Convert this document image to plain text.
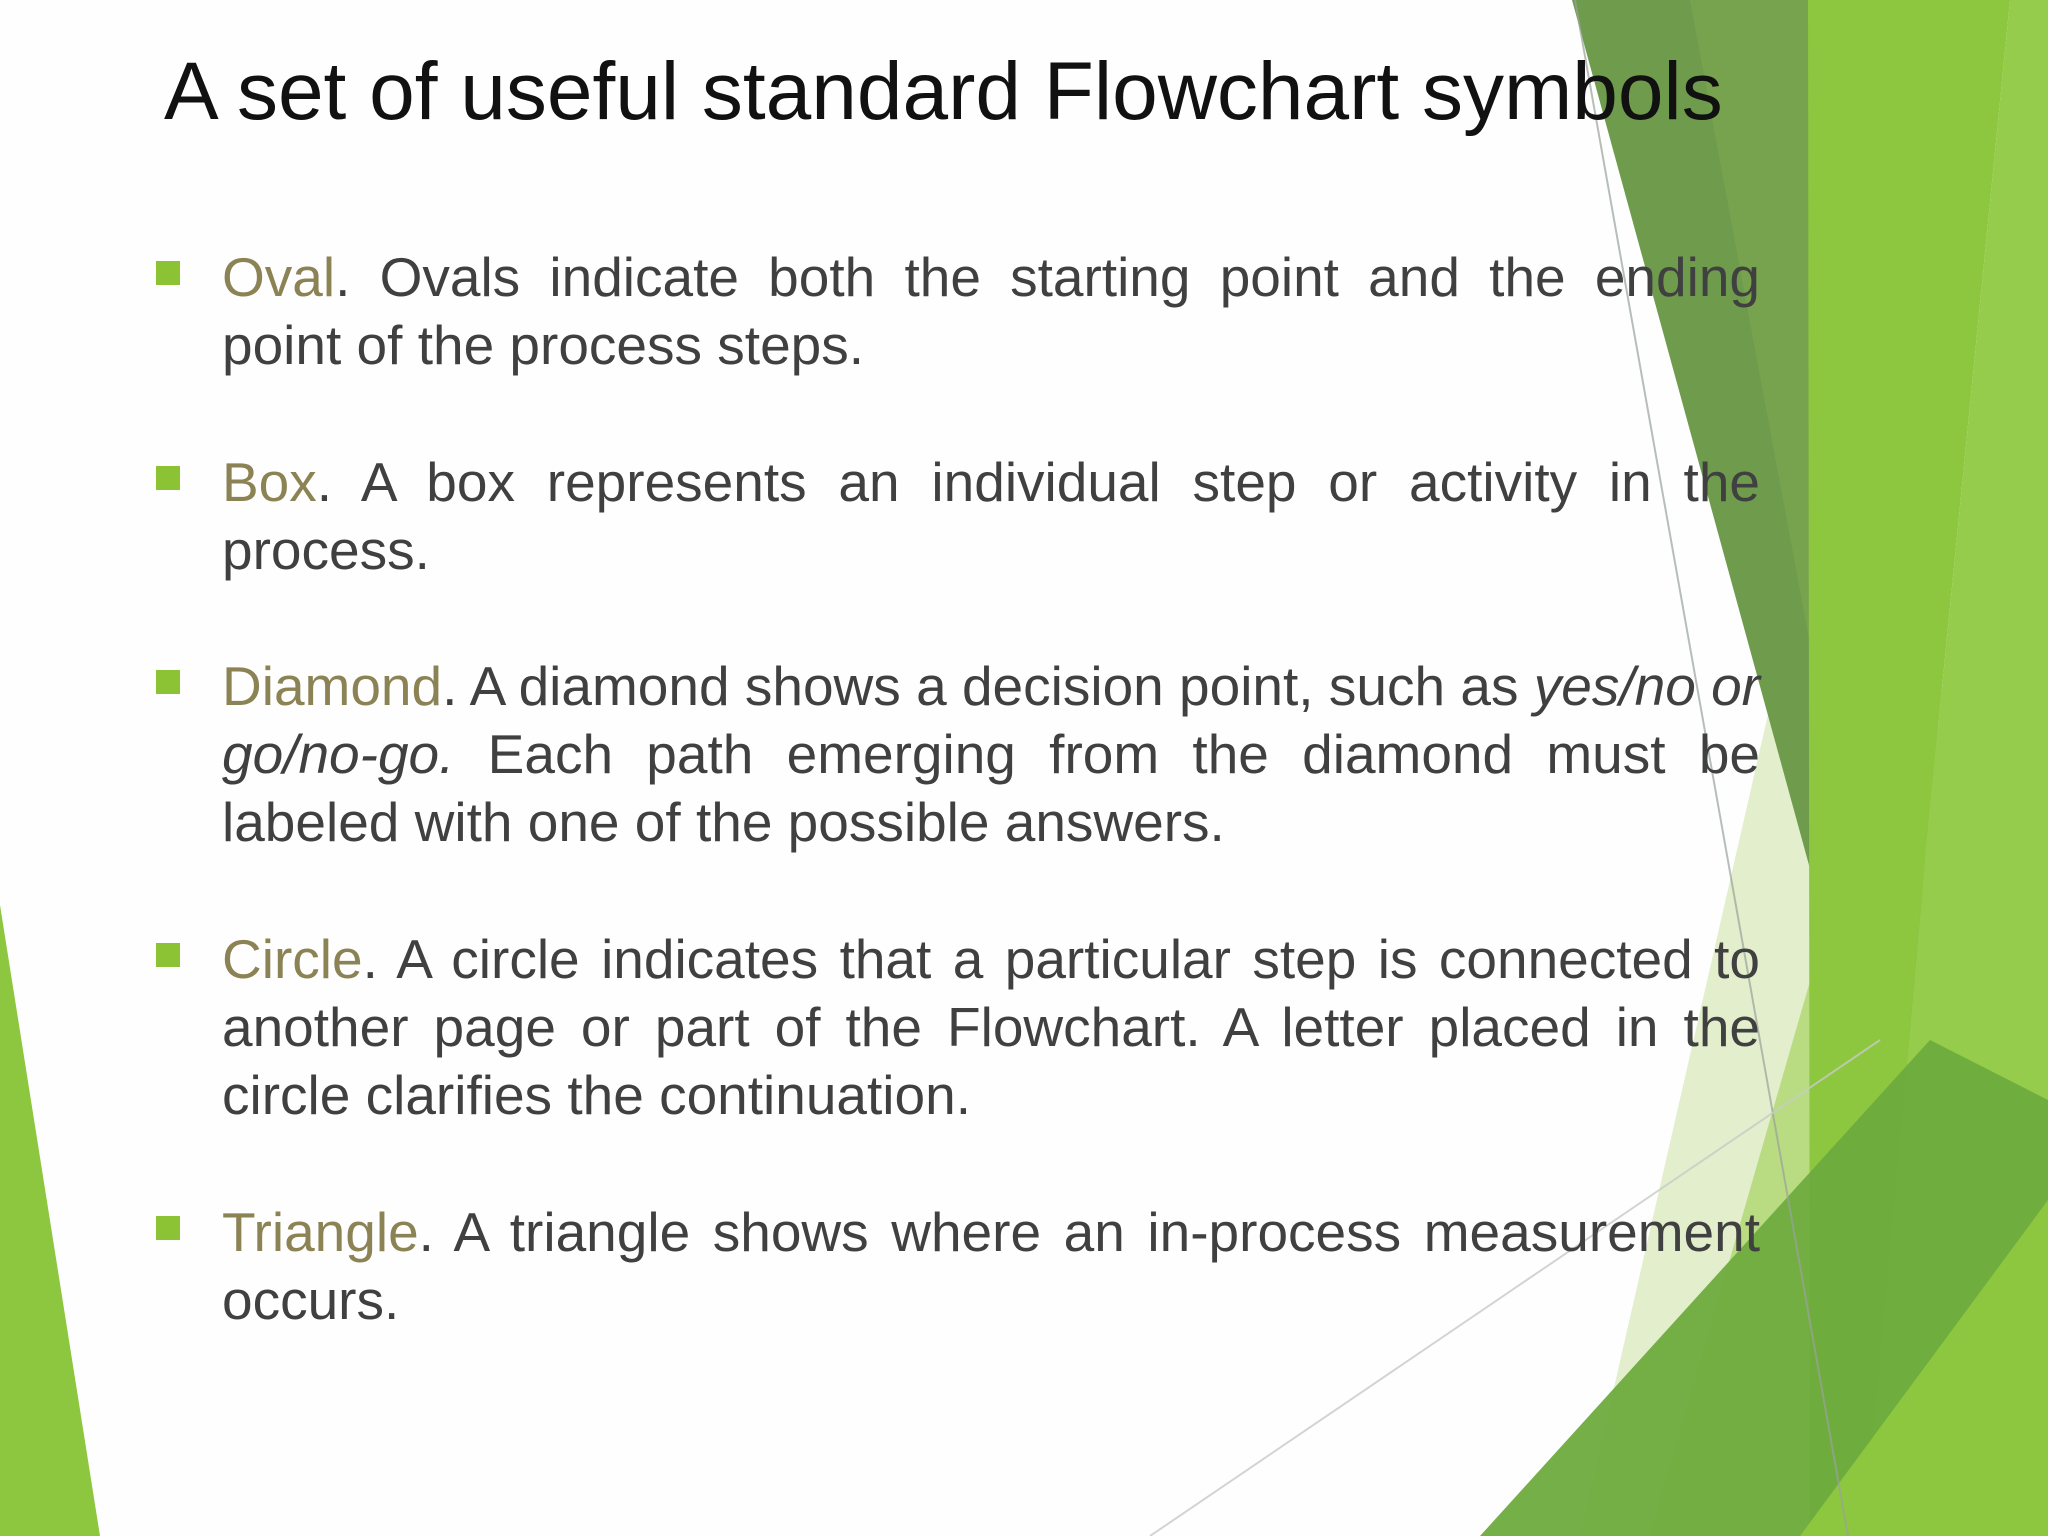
A set of useful standard Flowchart symbols

Oval. Ovals indicate both the starting point and the ending point of the process steps.

Box. A box represents an individual step or activity in the process.

Diamond. A diamond shows a decision point, such as yes/no or go/no-go. Each path emerging from the diamond must be labeled with one of the possible answers.

Circle. A circle indicates that a particular step is connected to another page or part of the Flowchart. A letter placed in the circle clarifies the continuation.

Triangle. A triangle shows where an in-process measurement occurs.
